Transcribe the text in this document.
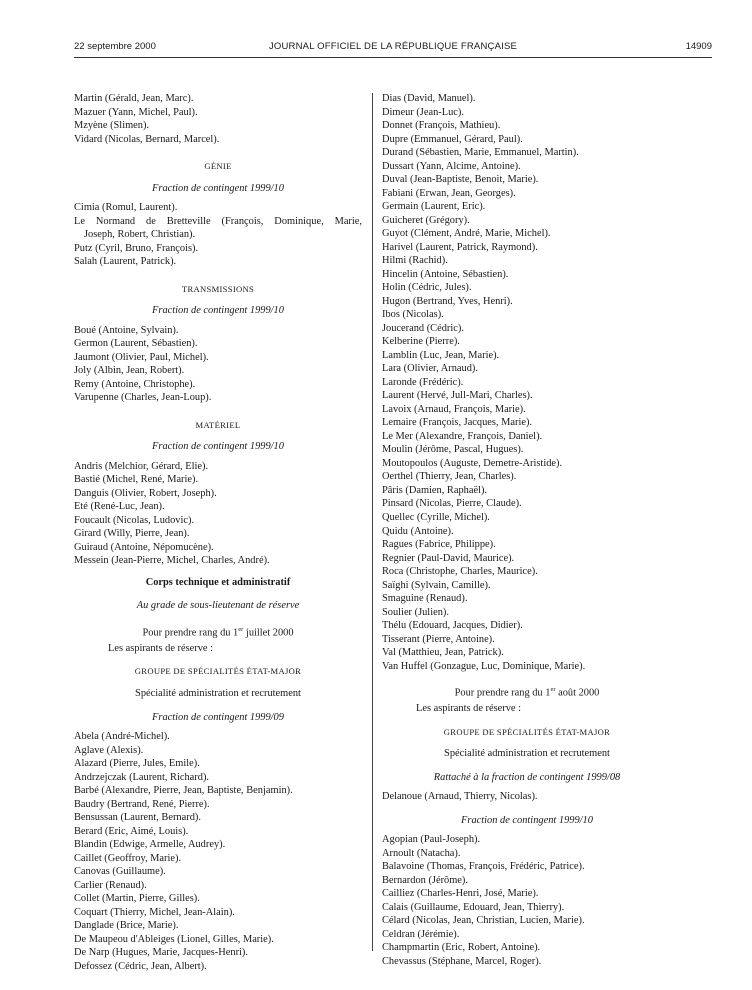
22 septembre 2000	JOURNAL OFFICIEL DE LA RÉPUBLIQUE FRANÇAISE	14909
Martin (Gérald, Jean, Marc).
Mazuer (Yann, Michel, Paul).
Mzyène (Slimen).
Vidard (Nicolas, Bernard, Marcel).
GÉNIE
Fraction de contingent 1999/10
Cimia (Romul, Laurent).
Le Normand de Bretteville (François, Dominique, Marie,
Joseph, Robert, Christian).
Putz (Cyril, Bruno, François).
Salah (Laurent, Patrick).
TRANSMISSIONS
Fraction de contingent 1999/10
Boué (Antoine, Sylvain).
Germon (Laurent, Sébastien).
Jaumont (Olivier, Paul, Michel).
Joly (Albin, Jean, Robert).
Remy (Antoine, Christophe).
Varupenne (Charles, Jean-Loup).
MATÉRIEL
Fraction de contingent 1999/10
Andris (Melchior, Gérard, Elie).
Bastié (Michel, René, Marie).
Danguis (Olivier, Robert, Joseph).
Eté (René-Luc, Jean).
Foucault (Nicolas, Ludovic).
Girard (Willy, Pierre, Jean).
Guiraud (Antoine, Népomucène).
Messein (Jean-Pierre, Michel, Charles, André).
Corps technique et administratif
Au grade de sous-lieutenant de réserve
Pour prendre rang du 1er juillet 2000
Les aspirants de réserve :
GROUPE DE SPÉCIALITÉS ÉTAT-MAJOR
Spécialité administration et recrutement
Fraction de contingent 1999/09
Abela (André-Michel).
Aglave (Alexis).
Alazard (Pierre, Jules, Emile).
Andrzejczak (Laurent, Richard).
Barbé (Alexandre, Pierre, Jean, Baptiste, Benjamin).
Baudry (Bertrand, René, Pierre).
Bensussan (Laurent, Bernard).
Berard (Eric, Aimé, Louis).
Blandin (Edwige, Armelle, Audrey).
Caillet (Geoffroy, Marie).
Canovas (Guillaume).
Carlier (Renaud).
Collet (Martin, Pierre, Gilles).
Coquart (Thierry, Michel, Jean-Alain).
Danglade (Brice, Marie).
De Maupeou d'Ableiges (Lionel, Gilles, Marie).
De Narp (Hugues, Marie, Jacques-Henri).
Defossez (Cédric, Jean, Albert).
Dias (David, Manuel).
Dimeur (Jean-Luc).
Donnet (François, Mathieu).
Dupre (Emmanuel, Gérard, Paul).
Durand (Sébastien, Marie, Emmanuel, Martin).
Dussart (Yann, Alcime, Antoine).
Duval (Jean-Baptiste, Benoit, Marie).
Fabiani (Erwan, Jean, Georges).
Germain (Laurent, Eric).
Guicheret (Grégory).
Guyot (Clément, André, Marie, Michel).
Harivel (Laurent, Patrick, Raymond).
Hilmi (Rachid).
Hincelin (Antoine, Sébastien).
Holin (Cédric, Jules).
Hugon (Bertrand, Yves, Henri).
Ibos (Nicolas).
Joucerand (Cédric).
Kelberine (Pierre).
Lamblin (Luc, Jean, Marie).
Lara (Olivier, Arnaud).
Laronde (Frédéric).
Laurent (Hervé, Jull-Mari, Charles).
Lavoix (Arnaud, François, Marie).
Lemaire (François, Jacques, Marie).
Le Mer (Alexandre, François, Daniel).
Moulin (Jérôme, Pascal, Hugues).
Moutopoulos (Auguste, Demetre-Aristide).
Oerthel (Thierry, Jean, Charles).
Pâris (Damien, Raphaël).
Pinsard (Nicolas, Pierre, Claude).
Quellec (Cyrille, Michel).
Quidu (Antoine).
Ragues (Fabrice, Philippe).
Regnier (Paul-David, Maurice).
Roca (Christophe, Charles, Maurice).
Saïghi (Sylvain, Camille).
Smaguine (Renaud).
Soulier (Julien).
Thélu (Edouard, Jacques, Didier).
Tisserant (Pierre, Antoine).
Val (Matthieu, Jean, Patrick).
Van Huffel (Gonzague, Luc, Dominique, Marie).
Pour prendre rang du 1er août 2000
Les aspirants de réserve :
GROUPE DE SPÉCIALITÉS ÉTAT-MAJOR
Spécialité administration et recrutement
Rattaché à la fraction de contingent 1999/08
Delanoue (Arnaud, Thierry, Nicolas).
Fraction de contingent 1999/10
Agopian (Paul-Joseph).
Arnoult (Natacha).
Balavoine (Thomas, François, Frédéric, Patrice).
Bernardon (Jérôme).
Cailliez (Charles-Henri, José, Marie).
Calais (Guillaume, Edouard, Jean, Thierry).
Célard (Nicolas, Jean, Christian, Lucien, Marie).
Celdran (Jérémie).
Champmartin (Eric, Robert, Antoine).
Chevassus (Stéphane, Marcel, Roger).
